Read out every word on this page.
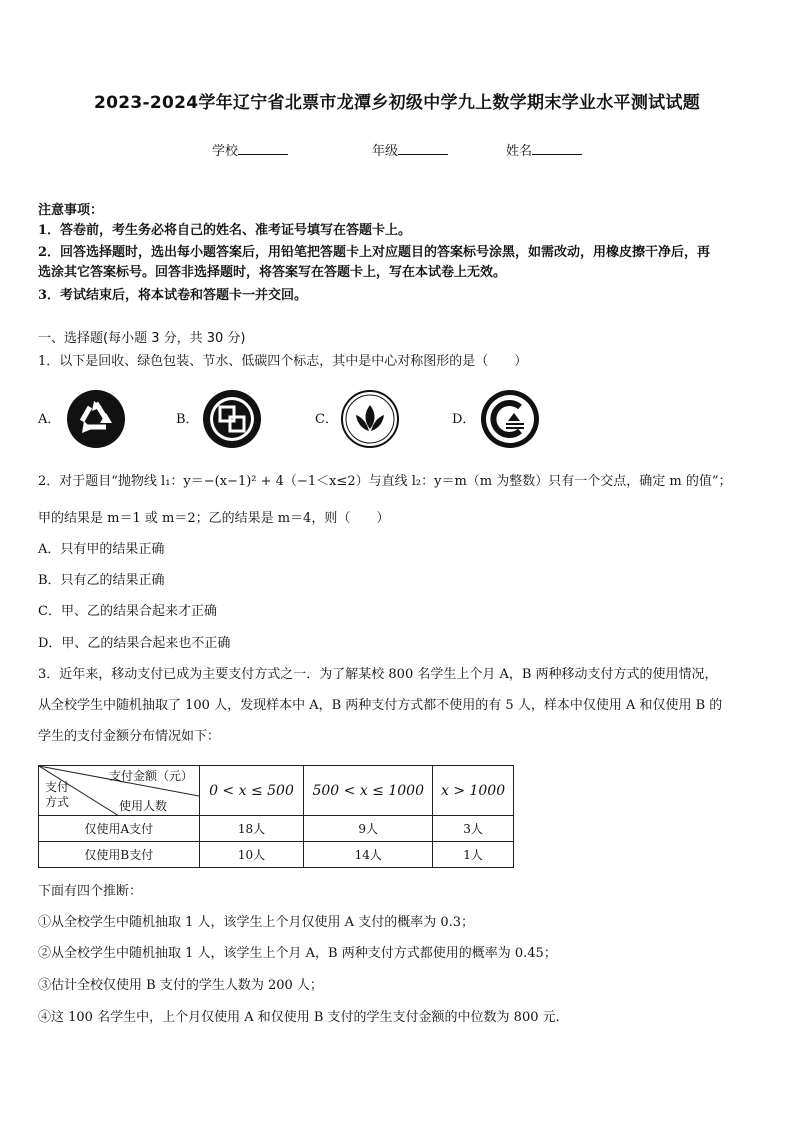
2023-2024学年辽宁省北票市龙潭乡初级中学九上数学期末学业水平测试试题
学校	年级	姓名
注意事项：
1．答卷前，考生务必将自己的姓名、准考证号填写在答题卡上。
2．回答选择题时，选出每小题答案后，用铅笔把答题卡上对应题目的答案标号涂黑，如需改动，用橡皮擦干净后，再
选涂其它答案标号。回答非选择题时，将答案写在答题卡上，写在本试卷上无效。
3．考试结束后，将本试卷和答题卡一并交回。
一、选择题(每小题 3 分，共 30 分)
1．以下是回收、绿色包装、节水、低碳四个标志，其中是中心对称图形的是（　　）
A．	B．	C．	D．
2．对于题目“抛物线 l₁：y＝−(x−1)² + 4（−1＜x≤2）与直线 l₂：y＝m（m 为整数）只有一个交点，确定 m 的值”；
甲的结果是 m＝1 或 m＝2；乙的结果是 m＝4，则（　　）
A．只有甲的结果正确
B．只有乙的结果正确
C．甲、乙的结果合起来才正确
D．甲、乙的结果合起来也不正确
3．近年来，移动支付已成为主要支付方式之一．为了解某校 800 名学生上个月 A，B 两种移动支付方式的使用情况，
从全校学生中随机抽取了 100 人，发现样本中 A，B 两种支付方式都不使用的有 5 人，样本中仅使用 A 和仅使用 B 的
学生的支付金额分布情况如下：
支付金额（元）
支付
方式 使用人数	0 < x ≤ 500	500 < x ≤ 1000	x > 1000
仅使用A支付	18人	9人	3人
仅使用B支付	10人	14人	1人
下面有四个推断：
①从全校学生中随机抽取 1 人，该学生上个月仅使用 A 支付的概率为 0.3；
②从全校学生中随机抽取 1 人，该学生上个月 A，B 两种支付方式都使用的概率为 0.45；
③估计全校仅使用 B 支付的学生人数为 200 人；
④这 100 名学生中，上个月仅使用 A 和仅使用 B 支付的学生支付金额的中位数为 800 元．
